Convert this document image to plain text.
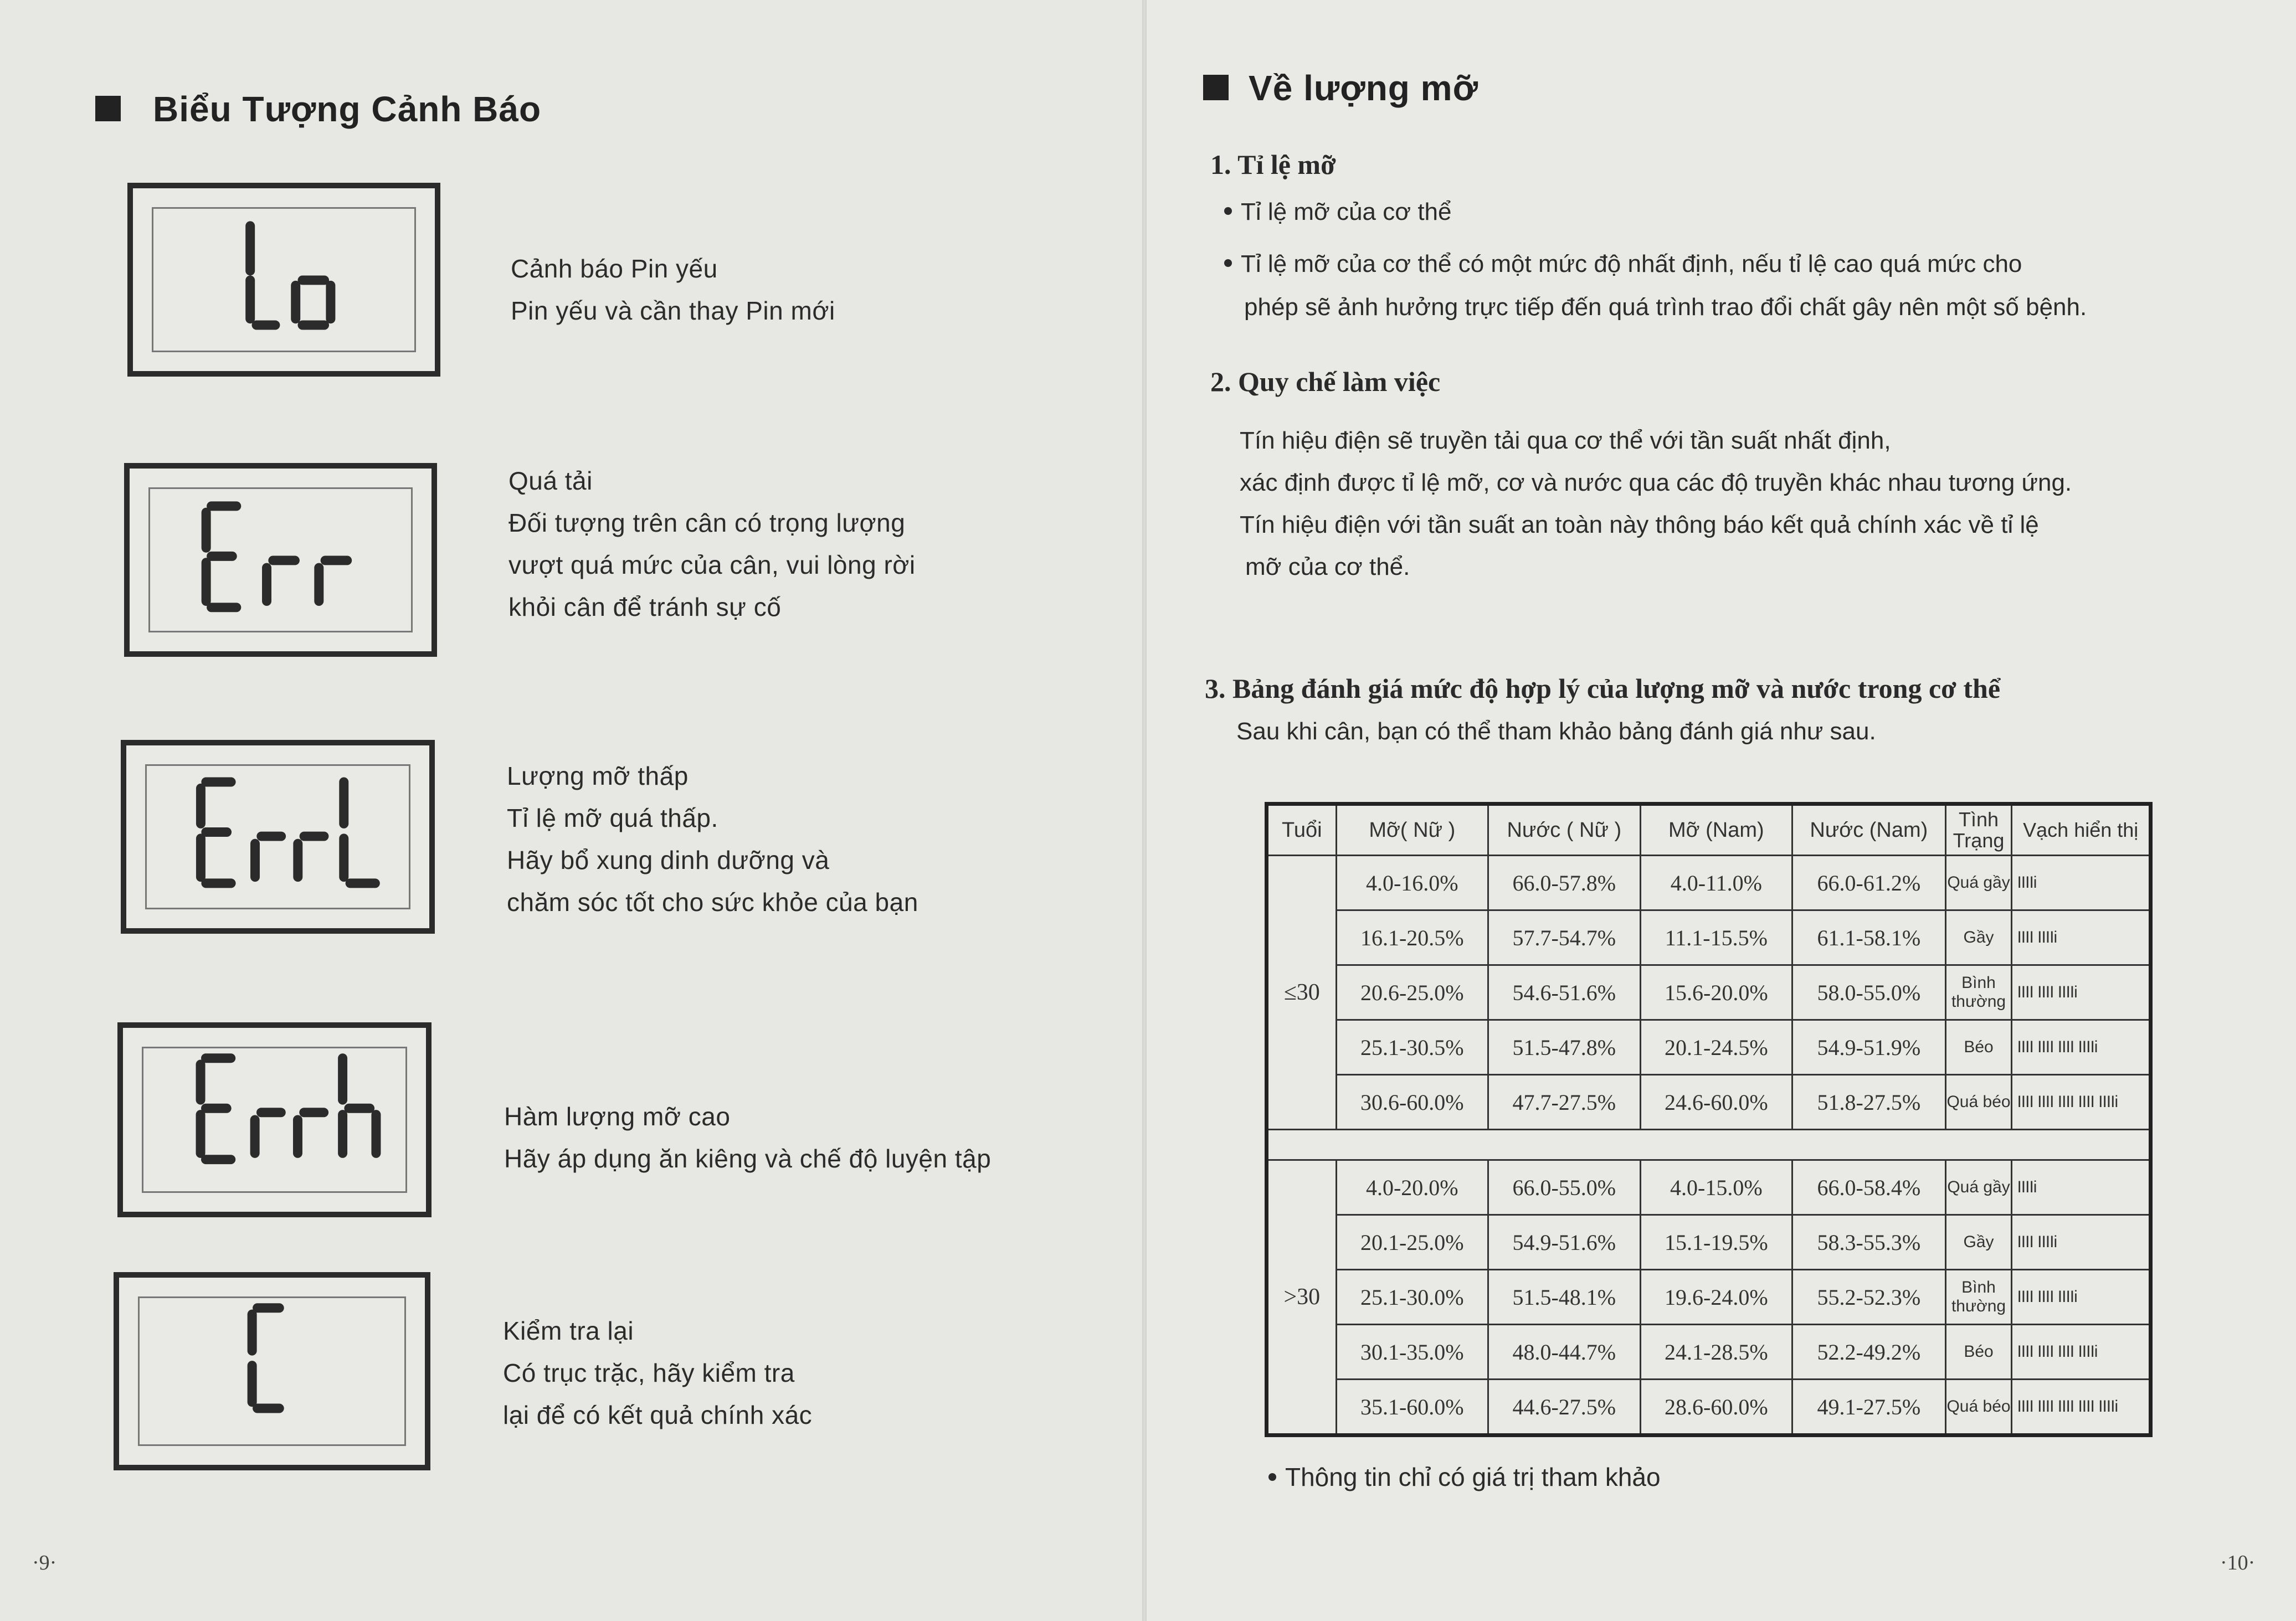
Biểu Tượng Cảnh Báo
Cảnh báo Pin yếu
Pin yếu và cần thay Pin mới
Quá tải
Đối tượng trên cân có trọng lượng
vượt quá mức của cân, vui lòng rời
khỏi cân để tránh sự cố
Lượng mỡ thấp
Tỉ lệ mỡ quá thấp.
Hãy bổ xung dinh dưỡng và
chăm sóc tốt cho sức khỏe của bạn
Hàm lượng mỡ cao
Hãy áp dụng ăn kiêng và chế độ luyện tập
Kiểm tra lại
Có trục trặc, hãy kiểm tra
lại để có kết quả chính xác
·9·
Về lượng mỡ
1. Tỉ lệ mỡ
Tỉ lệ mỡ của cơ thể
Tỉ lệ mỡ của cơ thể có một mức độ nhất định, nếu tỉ lệ cao quá mức cho
phép sẽ ảnh hưởng trực tiếp đến quá trình trao đổi chất gây nên một số bệnh.
2. Quy chế làm việc
Tín hiệu điện sẽ truyền tải qua cơ thể với tần suất nhất định,
xác định được tỉ lệ mỡ, cơ và nước qua các độ truyền khác nhau tương ứng.
Tín hiệu điện với tần suất an toàn này thông báo kết quả chính xác về tỉ lệ
mỡ của cơ thể.
3. Bảng đánh giá mức độ hợp lý của lượng mỡ và nước trong cơ thể
Sau khi cân, bạn có thể tham khảo bảng đánh giá như sau.
Thông tin chỉ có giá trị tham khảo
·10·
Tuổi	Mỡ( Nữ )	Nước ( Nữ )	Mỡ (Nam)	Nước (Nam)	Tình Trạng	Vạch hiển thị
≤30	4.0-16.0%	66.0-57.8%	4.0-11.0%	66.0-61.2%	Quá gầy	IIIIi
	16.1-20.5%	57.7-54.7%	11.1-15.5%	61.1-58.1%	Gầy	IIII IIIIi
	20.6-25.0%	54.6-51.6%	15.6-20.0%	58.0-55.0%	Bình thường	IIII IIII IIIIi
	25.1-30.5%	51.5-47.8%	20.1-24.5%	54.9-51.9%	Béo	IIII IIII IIII IIIIi
	30.6-60.0%	47.7-27.5%	24.6-60.0%	51.8-27.5%	Quá béo	IIII IIII IIII IIII IIIIi

>30	4.0-20.0%	66.0-55.0%	4.0-15.0%	66.0-58.4%	Quá gầy	IIIIi
	20.1-25.0%	54.9-51.6%	15.1-19.5%	58.3-55.3%	Gầy	IIII IIIIi
	25.1-30.0%	51.5-48.1%	19.6-24.0%	55.2-52.3%	Bình thường	IIII IIII IIIIi
	30.1-35.0%	48.0-44.7%	24.1-28.5%	52.2-49.2%	Béo	IIII IIII IIII IIIIi
	35.1-60.0%	44.6-27.5%	28.6-60.0%	49.1-27.5%	Quá béo	IIII IIII IIII IIII IIIIi
